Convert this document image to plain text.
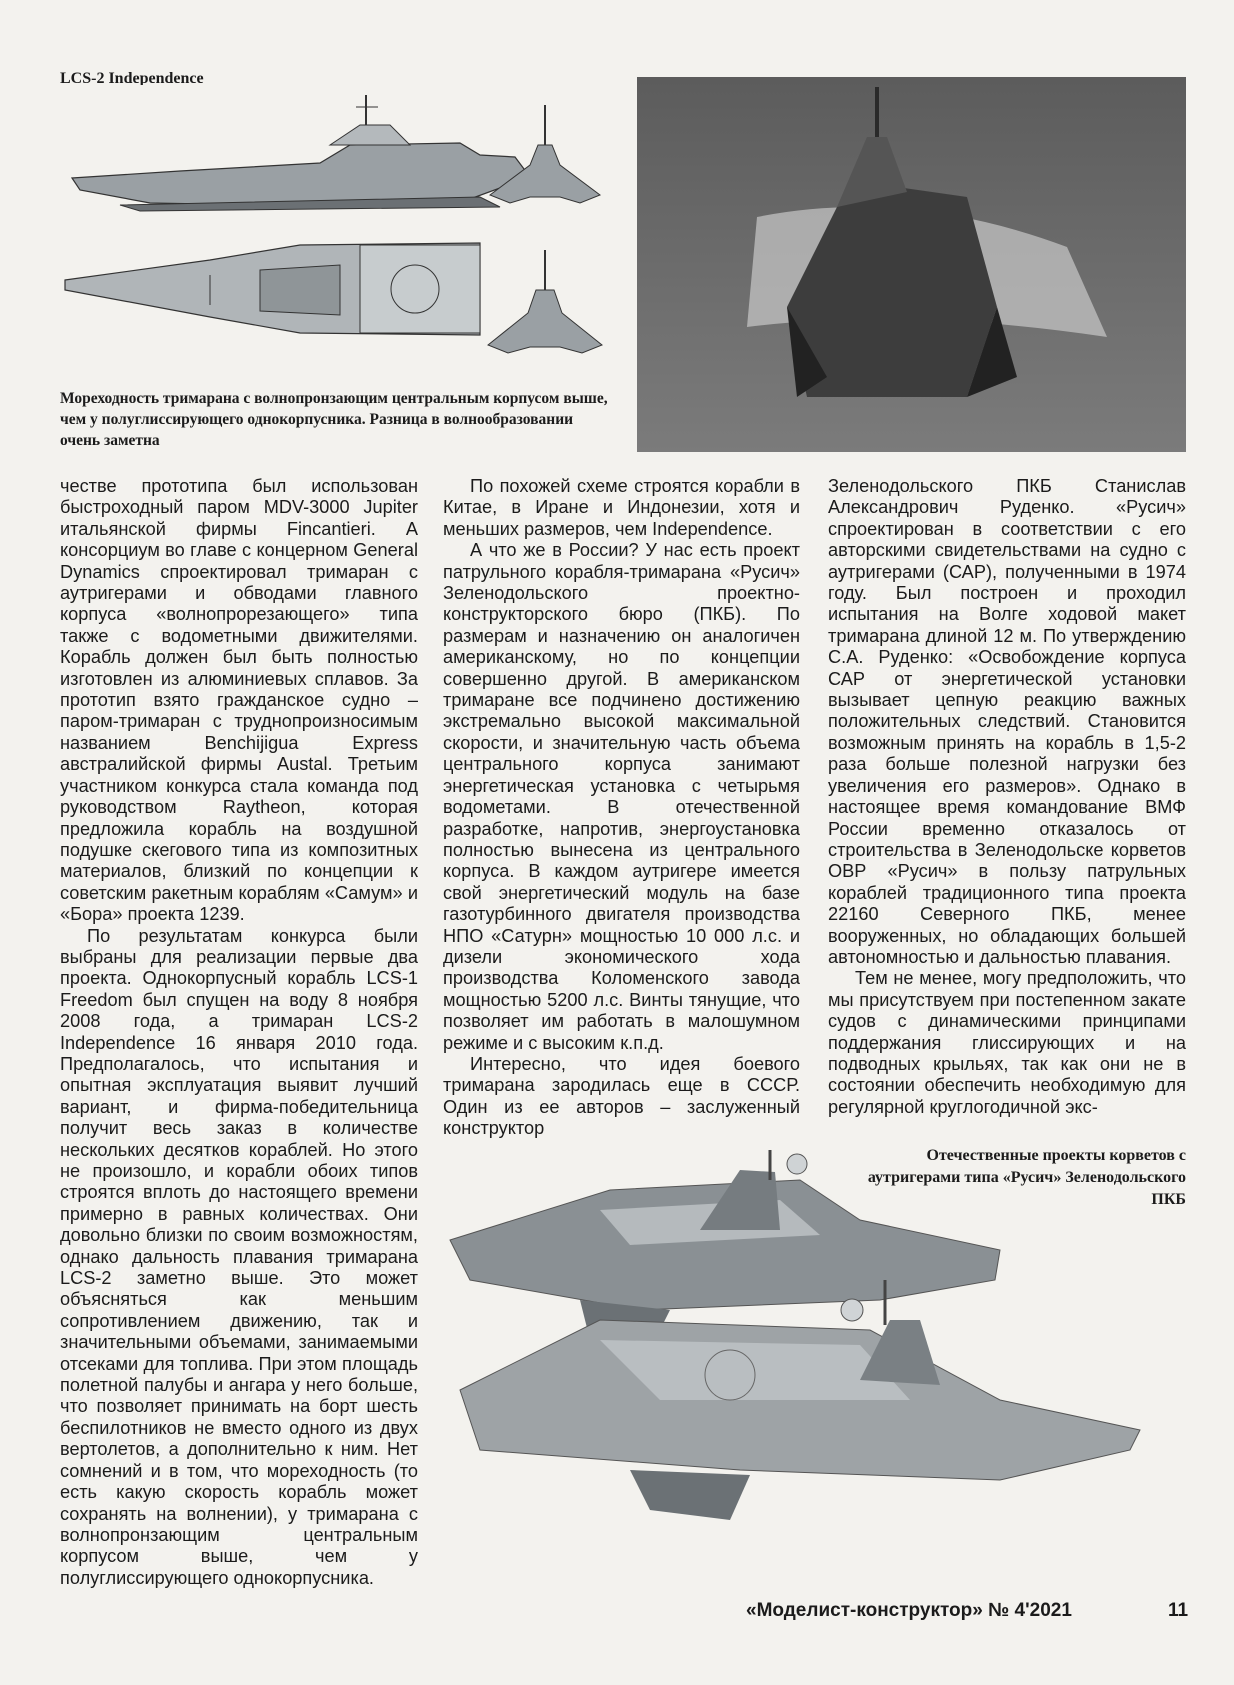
LCS-2 Independence
Мореходность тримарана с волнопронзающим центральным корпусом выше, чем у полуглиссирующего однокорпусника. Разница в волнообразовании очень заметна

честве прототипа был использован быстроходный паром MDV-3000 Jupiter итальянской фирмы Fincantieri. А консорциум во главе с концерном General Dynamics спроектировал тримаран с аутригерами и обводами главного корпуса «волнопрорезающего» типа также с водометными движителями. Корабль должен был быть полностью изготовлен из алюминиевых сплавов. За прототип взято гражданское судно – паром-тримаран с труднопроизносимым названием Benchijigua Express австралийской фирмы Austal. Третьим участником конкурса стала команда под руководством Raytheon, которая предложила корабль на воздушной подушке скегового типа из композитных материалов, близкий по концепции к советским ракетным кораблям «Самум» и «Бора» проекта 1239.

По результатам конкурса были выбраны для реализации первые два проекта. Однокорпусный корабль LCS-1 Freedom был спущен на воду 8 ноября 2008 года, а тримаран LCS-2 Independence 16 января 2010 года. Предполагалось, что испытания и опытная эксплуатация выявит лучший вариант, и фирма-победительница получит весь заказ в количестве нескольких десятков кораблей. Но этого не произошло, и корабли обоих типов строятся вплоть до настоящего времени примерно в равных количествах. Они довольно близки по своим возможностям, однако дальность плавания тримарана LCS-2 заметно выше. Это может объясняться как меньшим сопротивлением движению, так и значительными объемами, занимаемыми отсеками для топлива. При этом площадь полетной палубы и ангара у него больше, что позволяет принимать на борт шесть беспилотников не вместо одного из двух вертолетов, а дополнительно к ним. Нет сомнений и в том, что мореходность (то есть какую скорость корабль может сохранять на волнении), у тримарана с волнопронзающим центральным корпусом выше, чем у полуглиссирующего однокорпусника.

По похожей схеме строятся корабли в Китае, в Иране и Индонезии, хотя и меньших размеров, чем Independence.

А что же в России? У нас есть проект патрульного корабля-тримарана «Русич» Зеленодольского проектно-конструкторского бюро (ПКБ). По размерам и назначению он аналогичен американскому, но по концепции совершенно другой. В американском тримаране все подчинено достижению экстремально высокой максимальной скорости, и значительную часть объема центрального корпуса занимают энергетическая установка с четырьмя водометами. В отечественной разработке, напротив, энергоустановка полностью вынесена из центрального корпуса. В каждом аутригере имеется свой энергетический модуль на базе газотурбинного двигателя производства НПО «Сатурн» мощностью 10 000 л.с. и дизели экономического хода производства Коломенского завода мощностью 5200 л.с. Винты тянущие, что позволяет им работать в малошумном режиме и с высоким к.п.д.

Интересно, что идея боевого тримарана зародилась еще в СССР. Один из ее авторов – заслуженный конструктор

Зеленодольского ПКБ Станислав Александрович Руденко. «Русич» спроектирован в соответствии с его авторскими свидетельствами на судно с аутригерами (САР), полученными в 1974 году. Был построен и проходил испытания на Волге ходовой макет тримарана длиной 12 м. По утверждению С.А. Руденко: «Освобождение корпуса САР от энергетической установки вызывает цепную реакцию важных положительных следствий. Становится возможным принять на корабль в 1,5-2 раза больше полезной нагрузки без увеличения его размеров». Однако в настоящее время командование ВМФ России временно отказалось от строительства в Зеленодольске корветов ОВР «Русич» в пользу патрульных кораблей традиционного типа проекта 22160 Северного ПКБ, менее вооруженных, но обладающих большей автономностью и дальностью плавания.

Тем не менее, могу предположить, что мы присутствуем при постепенном закате судов с динамическими принципами поддержания глиссирующих и на подводных крыльях, так как они не в состоянии обеспечить необходимую для регулярной круглогодичной экс-

Отечественные проекты корветов с аутригерами типа «Русич» Зеленодольского ПКБ
«Моделист-конструктор» № 4'2021	11
